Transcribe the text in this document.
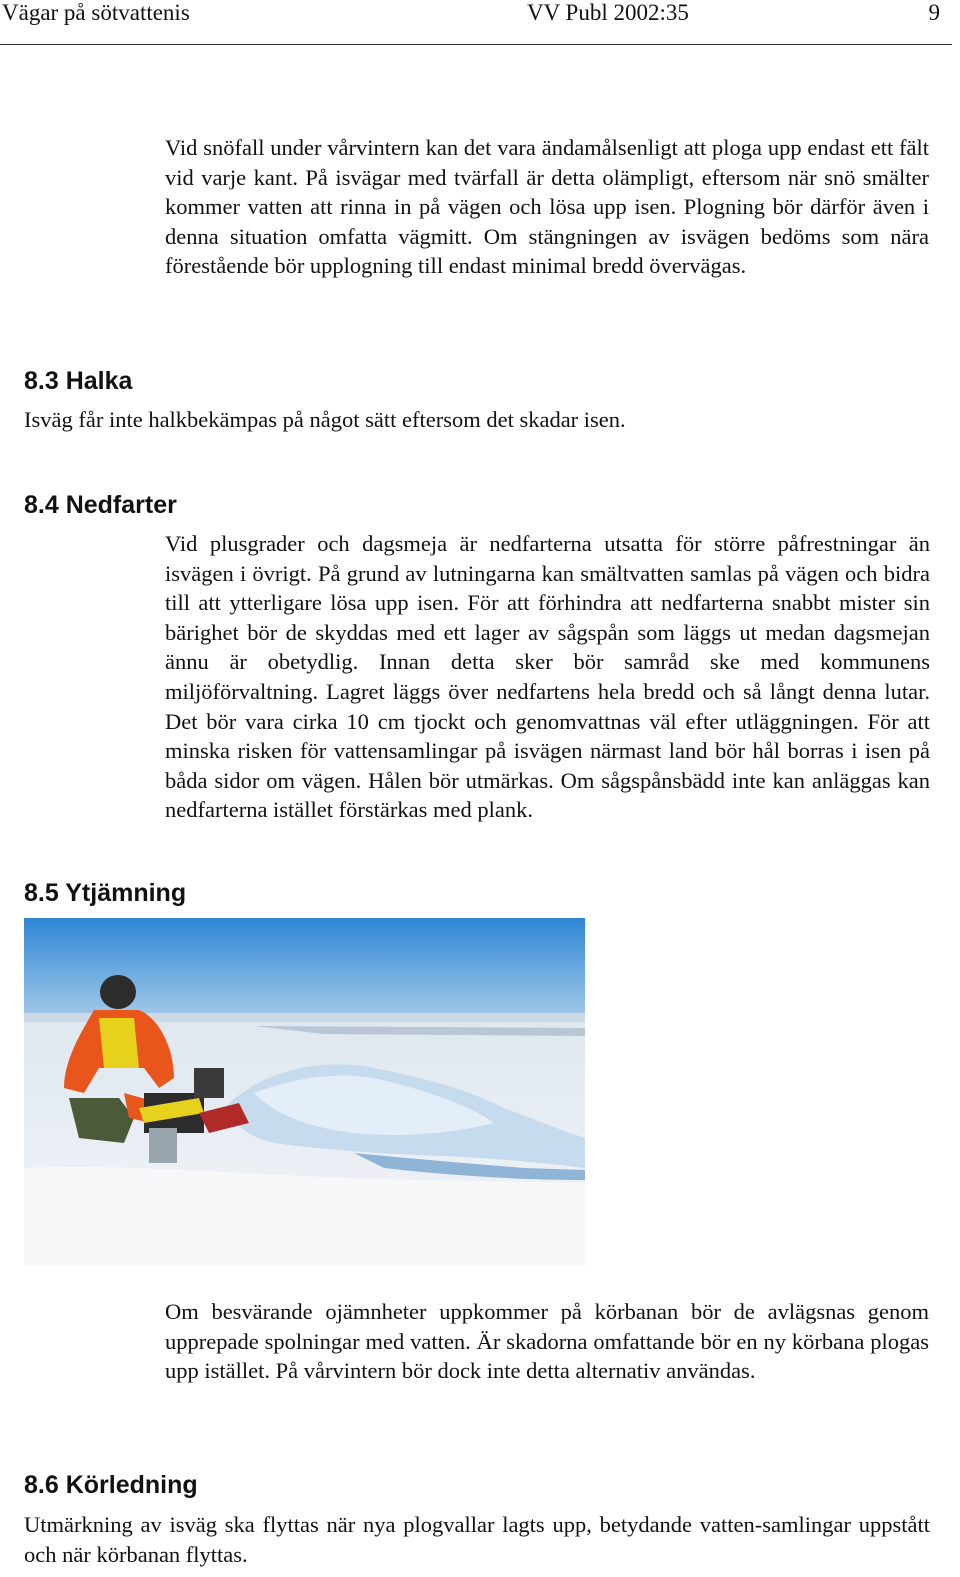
Vägar på sötvattenis	VV Publ 2002:35	9

Vid snöfall under vårvintern kan det vara ändamålsenligt att ploga upp endast ett fält vid varje kant. På isvägar med tvärfall är detta olämpligt, eftersom när snö smälter kommer vatten att rinna in på vägen och lösa upp isen. Plogning bör därför även i denna situation omfatta vägmitt. Om stängningen av isvägen bedöms som nära förestående bör upplogning till endast minimal bredd övervägas.

8.3 Halka

Isväg får inte halkbekämpas på något sätt eftersom det skadar isen.

8.4 Nedfarter

Vid plusgrader och dagsmeja är nedfarterna utsatta för större påfrestningar än isvägen i övrigt. På grund av lutningarna kan smältvatten samlas på vägen och bidra till att ytterligare lösa upp isen. För att förhindra att nedfarterna snabbt mister sin bärighet bör de skyddas med ett lager av sågspån som läggs ut medan dagsmejan ännu är obetydlig. Innan detta sker bör samråd ske med kommunens miljöförvaltning. Lagret läggs över nedfartens hela bredd och så långt denna lutar. Det bör vara cirka 10 cm tjockt och genomvattnas väl efter utläggningen. För att minska risken för vattensamlingar på isvägen närmast land bör hål borras i isen på båda sidor om vägen. Hålen bör utmärkas. Om sågspånsbädd inte kan anläggas kan nedfarterna istället förstärkas med plank.

8.5 Ytjämning

Om besvärande ojämnheter uppkommer på körbanan bör de avlägsnas genom upprepade spolningar med vatten. Är skadorna omfattande bör en ny körbana plogas upp istället. På vårvintern bör dock inte detta alternativ användas.

8.6 Körledning

Utmärkning av isväg ska flyttas när nya plogvallar lagts upp, betydande vatten-samlingar uppstått och när körbanan flyttas.
